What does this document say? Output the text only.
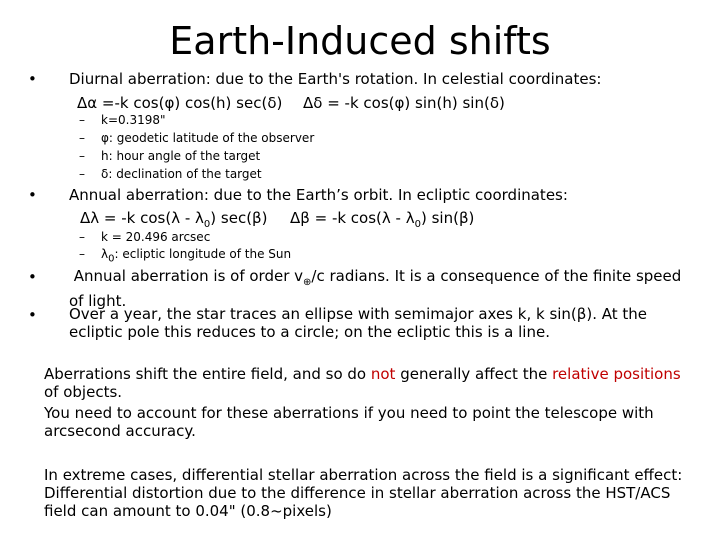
Earth-Induced shifts
• Diurnal aberration: due to the Earth's rotation. In celestial coordinates:
Δα =-k cos(φ) cos(h) sec(δ) Δδ = -k cos(φ) sin(h) sin(δ)
– k=0.3198"
– φ: geodetic latitude of the observer
– h: hour angle of the target
– δ: declination of the target
• Annual aberration: due to the Earth’s orbit. In ecliptic coordinates:
Δλ = -k $\cos(\lambda - \lambda_0)$ sec(β) Δβ = -k $\cos(\lambda - \lambda_0)$ sin(β)
– k = 20.496 arcsec
– $\lambda_0$: ecliptic longitude of the Sun
•	Annual aberration is of order $v_\oplus/c$ radians. It is a consequence of the finite speed of light.
• Over a year, the star traces an ellipse with semimajor axes k, k sin(β). At the ecliptic pole this reduces to a circle; on the ecliptic this is a line.
Aberrations shift the entire field, and so do not generally affect the relative positions of objects.
You need to account for these aberrations if you need to point the telescope with arcsecond accuracy.
In extreme cases, differential stellar aberration across the field is a significant effect: Differential distortion due to the difference in stellar aberration across the HST/ACS field can amount to 0.04" (0.8~pixels)
